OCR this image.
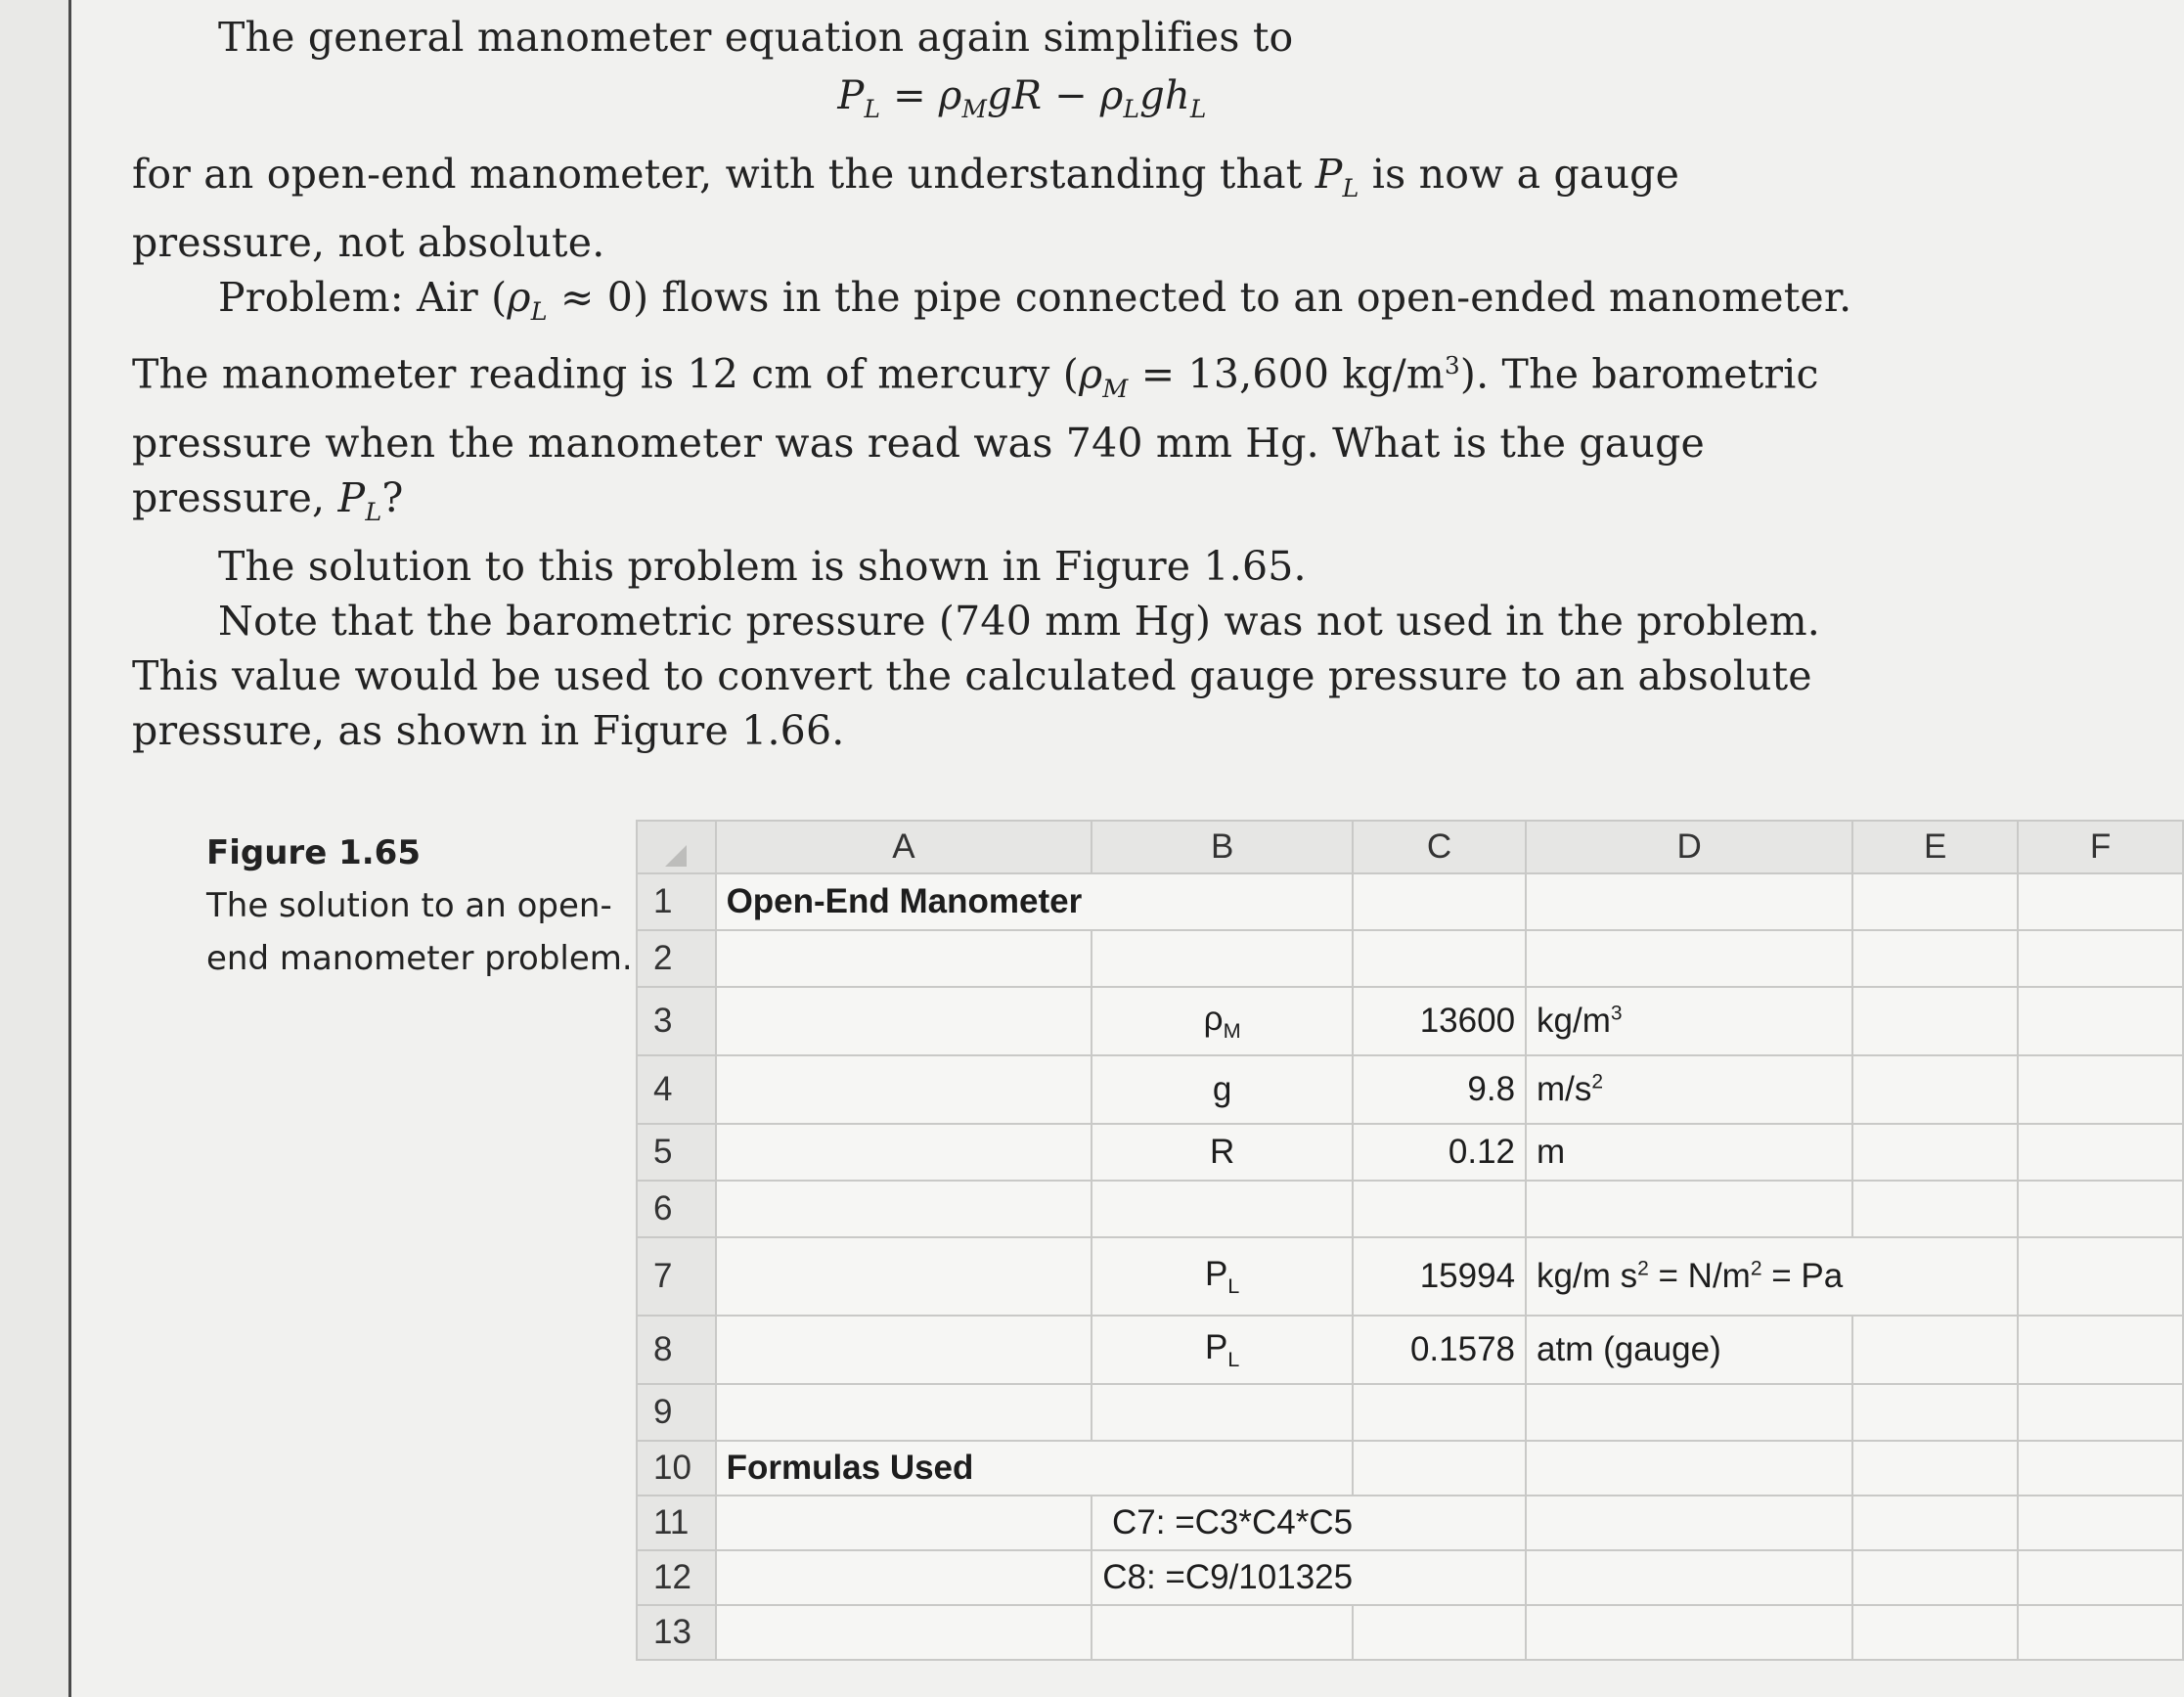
The general manometer equation again simplifies to

$P_L = \rho_MgR - \rho_Lgh_L$

for an open-end manometer, with the understanding that $P_L$ is now a gauge pressure, not absolute.

Problem: Air $(\rho_L \approx 0)$ flows in the pipe connected to an open-ended manometer. The manometer reading is 12 cm of mercury ($\rho_M = 13,600$ $kg/m^3$). The barometric pressure when the manometer was read was 740 mm Hg. What is the gauge pressure, $P_L$?

The solution to this problem is shown in Figure 1.65.

Note that the barometric pressure (740 mm Hg) was not used in the problem. This value would be used to convert the calculated gauge pressure to an absolute pressure, as shown in Figure 1.66.

Figure 1.65
The solution to an open-end manometer problem.
	A	B	C	D	E	F
1	Open-End Manometer					
2						
3		$\rho_M$	13600	$kg/m^3$		
4		g	9.8	$m/s^2$		
5		R	0.12	m		
6						
7		$P_L$	15994	kg/m $s^2 = N/m^2 = Pa$		
8		$P_L$	0.1578	atm (gauge)		
9						
10	Formulas Used					
11		C7: =C3*C4*C5				
12		C8: =C9/101325				
13						
